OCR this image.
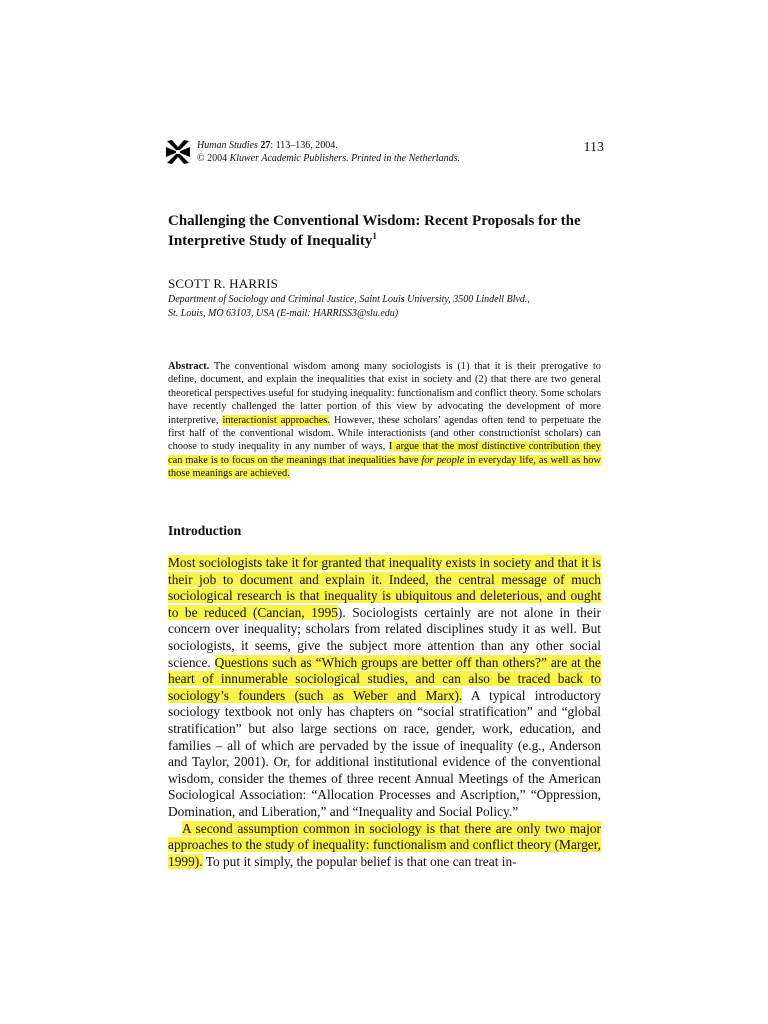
Human Studies 27: 113–136, 2004.
© 2004 Kluwer Academic Publishers. Printed in the Netherlands.
113
Challenging the Conventional Wisdom: Recent Proposals for the
Interpretive Study of Inequality$^1$
SCOTT R. HARRIS
Department of Sociology and Criminal Justice, Saint Louis University, 3500 Lindell Blvd.,
St. Louis, MO 63103, USA (E-mail: HARRISS3@slu.edu)
Abstract. The conventional wisdom among many sociologists is (1) that it is their prerogative to define, document, and explain the inequalities that exist in society and (2) that there are two general theoretical perspectives useful for studying inequality: functionalism and conflict theory. Some scholars have recently challenged the latter portion of this view by advocating the development of more interpretive, interactionist approaches. However, these scholars’ agendas often tend to perpetuate the first half of the conventional wisdom. While interactionists (and other constructionist scholars) can choose to study inequality in any number of ways, I argue that the most distinctive contribution they can make is to focus on the meanings that inequalities have for people in everyday life, as well as how those meanings are achieved.
Introduction

Most sociologists take it for granted that inequality exists in society and that it is their job to document and explain it. Indeed, the central message of much sociological research is that inequality is ubiquitous and deleterious, and ought to be reduced (Cancian, 1995). Sociologists certainly are not alone in their concern over inequality; scholars from related disciplines study it as well. But sociologists, it seems, give the subject more attention than any other social science. Questions such as “Which groups are better off than others?” are at the heart of innumerable sociological studies, and can also be traced back to sociology’s founders (such as Weber and Marx). A typical introductory sociology textbook not only has chapters on “social stratification” and “global stratification” but also large sections on race, gender, work, education, and families – all of which are pervaded by the issue of inequality (e.g., Anderson and Taylor, 2001). Or, for additional institutional evidence of the conventional wisdom, consider the themes of three recent Annual Meetings of the American Sociological Association: “Allocation Processes and Ascription,” “Oppression, Domination, and Liberation,” and “Inequality and Social Policy.”

A second assumption common in sociology is that there are only two major approaches to the study of inequality: functionalism and conflict theory (Marger, 1999). To put it simply, the popular belief is that one can treat in-
